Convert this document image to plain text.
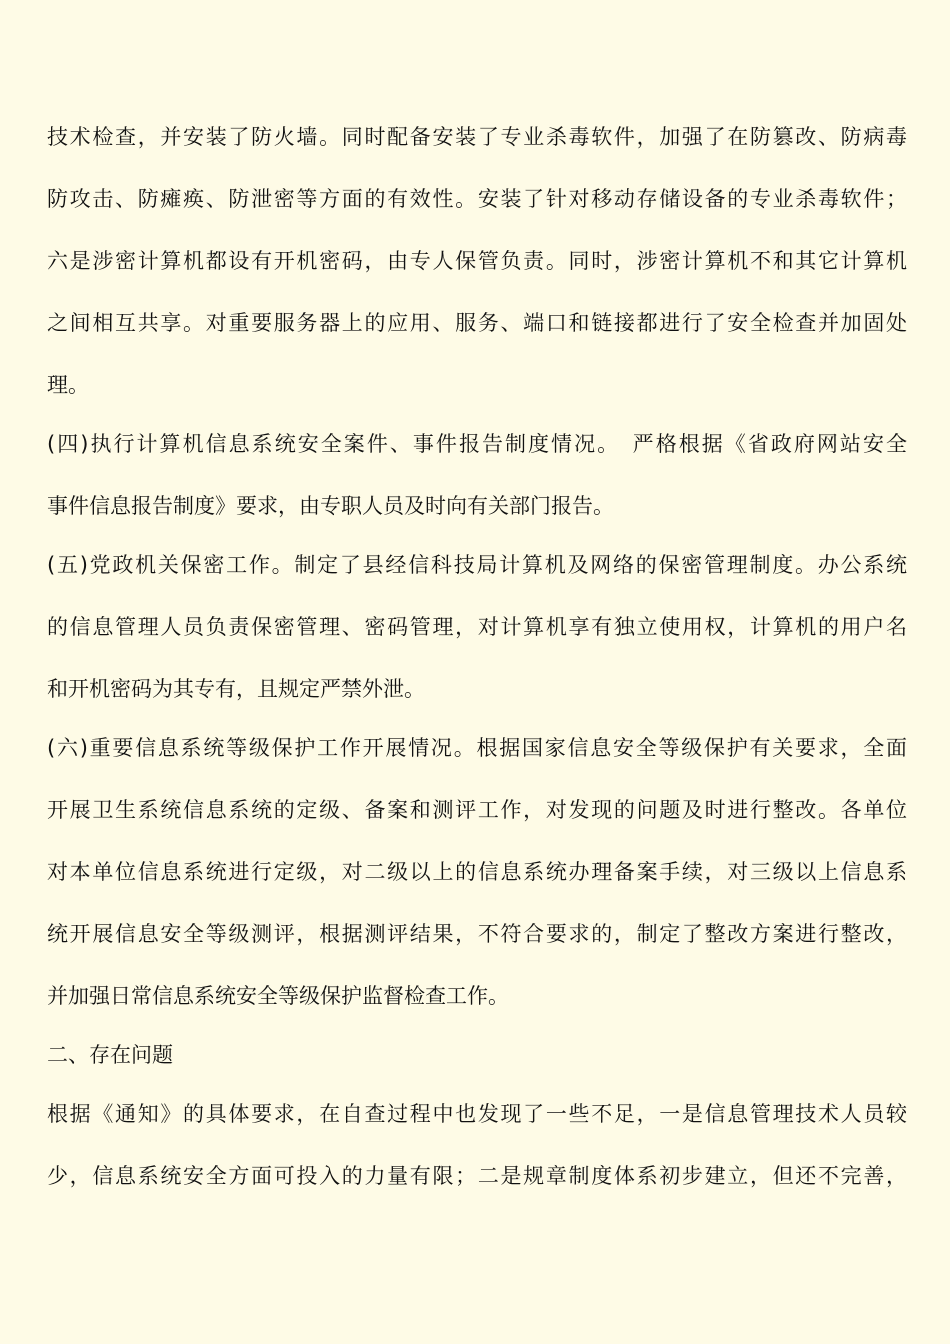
技术检查，并安装了防火墙。同时配备安装了专业杀毒软件，加强了在防篡改、防病毒
防攻击、防瘫痪、防泄密等方面的有效性。安装了针对移动存储设备的专业杀毒软件；
六是涉密计算机都设有开机密码，由专人保管负责。同时，涉密计算机不和其它计算机
之间相互共享。对重要服务器上的应用、服务、端口和链接都进行了安全检查并加固处
理。
(四)执行计算机信息系统安全案件、事件报告制度情况。　严格根据《省政府网站安全
事件信息报告制度》要求，由专职人员及时向有关部门报告。
(五)党政机关保密工作。制定了县经信科技局计算机及网络的保密管理制度。办公系统
的信息管理人员负责保密管理、密码管理，对计算机享有独立使用权，计算机的用户名
和开机密码为其专有，且规定严禁外泄。
(六)重要信息系统等级保护工作开展情况。根据国家信息安全等级保护有关要求，全面
开展卫生系统信息系统的定级、备案和测评工作，对发现的问题及时进行整改。各单位
对本单位信息系统进行定级，对二级以上的信息系统办理备案手续，对三级以上信息系
统开展信息安全等级测评，根据测评结果，不符合要求的，制定了整改方案进行整改，
并加强日常信息系统安全等级保护监督检查工作。
二、存在问题
根据《通知》的具体要求，在自查过程中也发现了一些不足，一是信息管理技术人员较
少，信息系统安全方面可投入的力量有限；二是规章制度体系初步建立，但还不完善，
